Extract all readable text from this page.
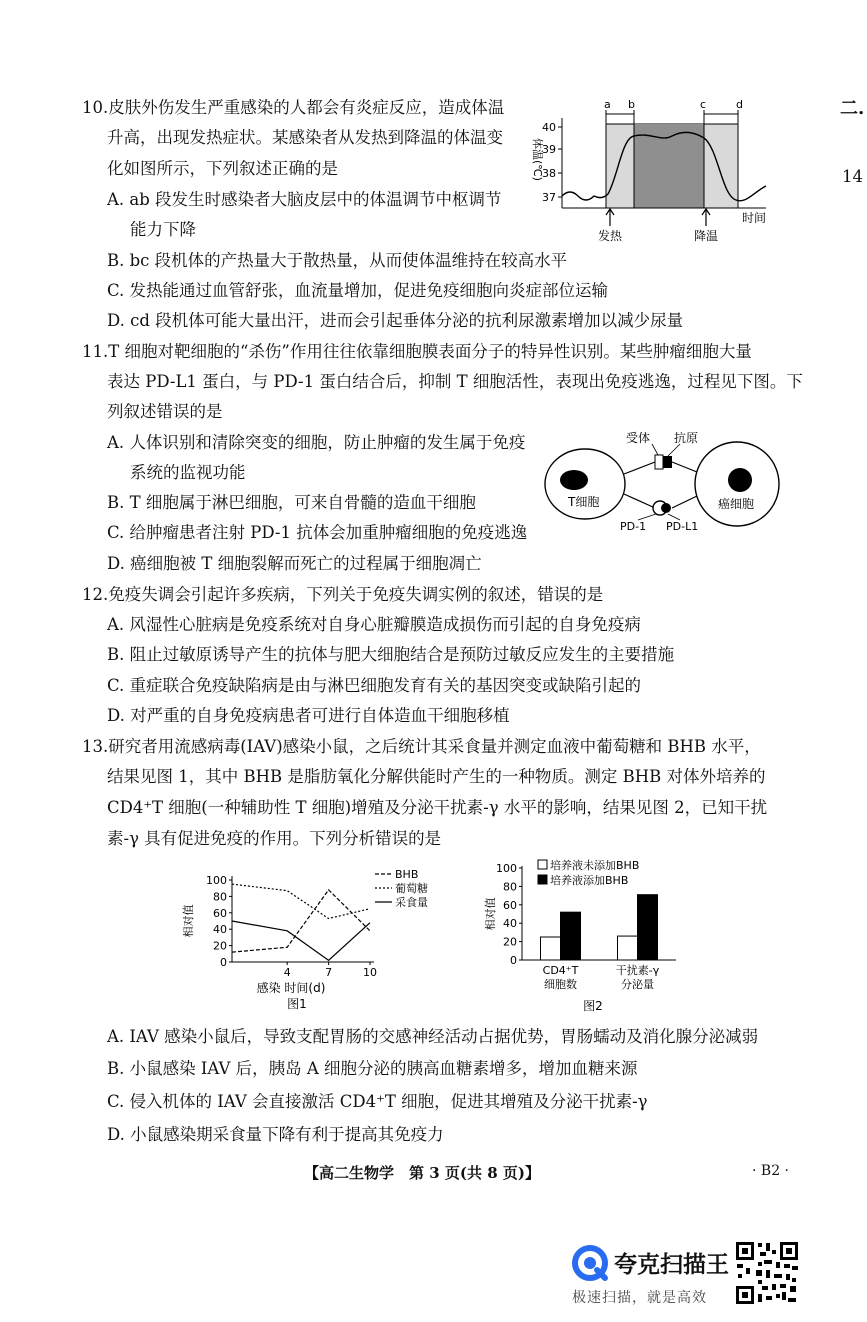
二.
14
10.皮肤外伤发生严重感染的人都会有炎症反应，造成体温
升高，出现发热症状。某感染者从发热到降温的体温变
化如图所示，下列叙述正确的是
A. ab 段发生时感染者大脑皮层中的体温调节中枢调节
能力下降
B. bc 段机体的产热量大于散热量，从而使体温维持在较高水平
C. 发热能通过血管舒张，血流量增加，促进免疫细胞向炎症部位运输
D. cd 段机体可能大量出汗，进而会引起垂体分泌的抗利尿激素增加以减少尿量
a b	c	d
40
39
38
37
体温(℃)
时间
发热	降温
11.T 细胞对靶细胞的“杀伤”作用往往依靠细胞膜表面分子的特异性识别。某些肿瘤细胞大量
表达 PD-L1 蛋白，与 PD-1 蛋白结合后，抑制 T 细胞活性，表现出免疫逃逸，过程见下图。下
列叙述错误的是
A. 人体识别和清除突变的细胞，防止肿瘤的发生属于免疫
系统的监视功能
B. T 细胞属于淋巴细胞，可来自骨髓的造血干细胞
C. 给肿瘤患者注射 PD-1 抗体会加重肿瘤细胞的免疫逃逸
D. 癌细胞被 T 细胞裂解而死亡的过程属于细胞凋亡
受体 抗原
T细胞	癌细胞
PD-1 PD-L1
12.免疫失调会引起许多疾病，下列关于免疫失调实例的叙述，错误的是
A. 风湿性心脏病是免疫系统对自身心脏瓣膜造成损伤而引起的自身免疫病
B. 阻止过敏原诱导产生的抗体与肥大细胞结合是预防过敏反应发生的主要措施
C. 重症联合免疫缺陷病是由与淋巴细胞发育有关的基因突变或缺陷引起的
D. 对严重的自身免疫病患者可进行自体造血干细胞移植
13.研究者用流感病毒(IAV)感染小鼠，之后统计其采食量并测定血液中葡萄糖和 BHB 水平，
结果见图 1，其中 BHB 是脂肪氧化分解供能时产生的一种物质。测定 BHB 对体外培养的
CD4⁺T 细胞(一种辅助性 T 细胞)增殖及分泌干扰素-γ 水平的影响，结果见图 2，已知干扰
素-γ 具有促进免疫的作用。下列分析错误的是
0
20
40
60
80
100
4	7	10
BHB
葡萄糖
采食量
相对值
感染 时间(d)
图1
0
20
40
60
80
100
相对值
CD4⁺T
细胞数
干扰素-γ
分泌量
培养液未添加BHB
培养液添加BHB
图2
A. IAV 感染小鼠后，导致支配胃肠的交感神经活动占据优势，胃肠蠕动及消化腺分泌减弱
B. 小鼠感染 IAV 后，胰岛 A 细胞分泌的胰高血糖素增多，增加血糖来源
C. 侵入机体的 IAV 会直接激活 CD4⁺T 细胞，促进其增殖及分泌干扰素-γ
D. 小鼠感染期采食量下降有利于提高其免疫力
【高二生物学　第 3 页(共 8 页)】	· B2 ·
夸克扫描王
极速扫描，就是高效
